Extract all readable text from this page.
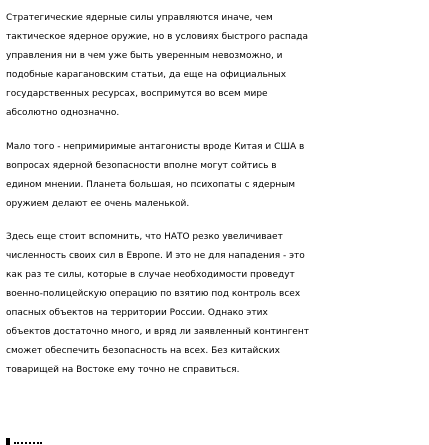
Стратегические ядерные силы управляются иначе, чем
тактическое ядерное оружие, но в условиях быстрого распада
управления ни в чем уже быть уверенным невозможно, и
подобные карагановским статьи, да еще на официальных
государственных ресурсах, воспримутся во всем мире
абсолютно однозначно.
Мало того - непримиримые антагонисты вроде Китая и США в
вопросах ядерной безопасности вполне могут сойтись в
едином мнении. Планета большая, но психопаты с ядерным
оружием делают ее очень маленькой.
Здесь еще стоит вспомнить, что НАТО резко увеличивает
численность своих сил в Европе. И это не для нападения - это
как раз те силы, которые в случае необходимости проведут
военно-полицейскую операцию по взятию под контроль всех
опасных объектов на территории России. Однако этих
объектов достаточно много, и вряд ли заявленный контингент
сможет обеспечить безопасность на всех. Без китайских
товарищей на Востоке ему точно не справиться.
